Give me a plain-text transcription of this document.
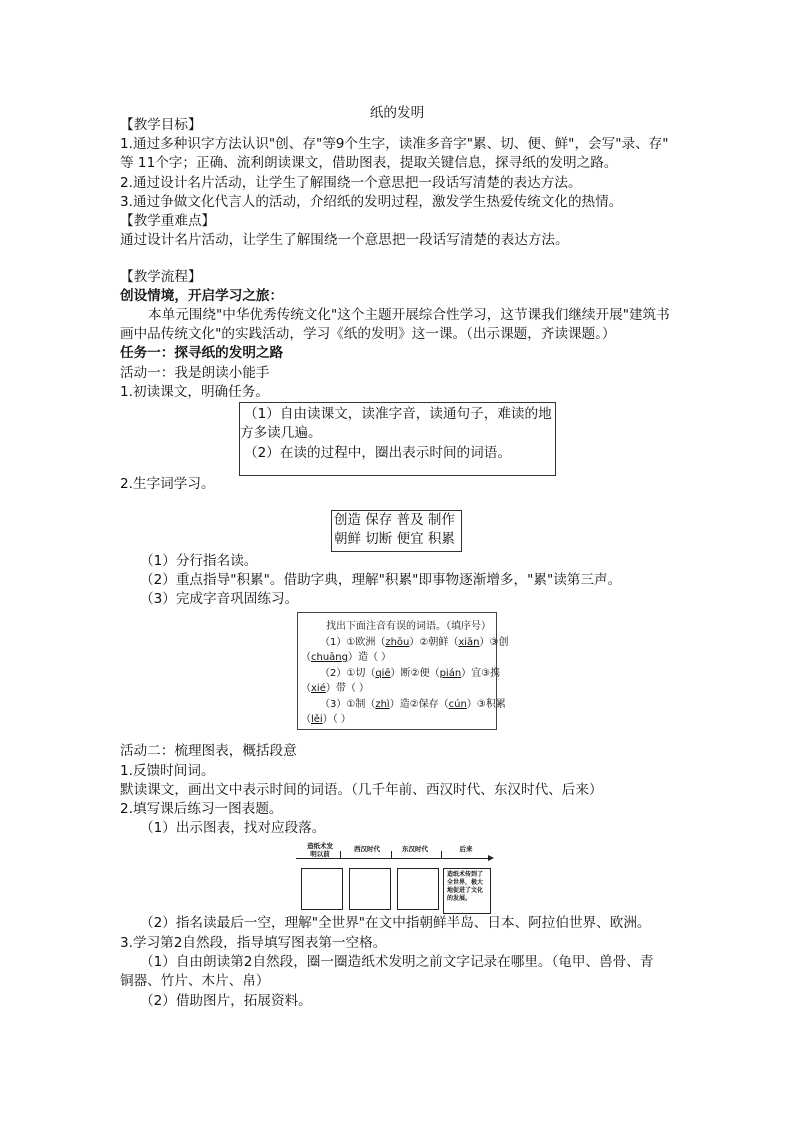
纸的发明
【教学目标】
1.通过多种识字方法认识"创、存"等9个生字，读准多音字"累、切、便、鲜"，会写"录、存"
等 11个字；正确、流利朗读课文，借助图表，提取关键信息，探寻纸的发明之路。
2.通过设计名片活动，让学生了解围绕一个意思把一段话写清楚的表达方法。
3.通过争做文化代言人的活动，介绍纸的发明过程，激发学生热爱传统文化的热情。
【教学重难点】
通过设计名片活动，让学生了解围绕一个意思把一段话写清楚的表达方法。
【教学流程】
创设情境，开启学习之旅：
本单元围绕"中华优秀传统文化"这个主题开展综合性学习，这节课我们继续开展"建筑书
画中品传统文化"的实践活动，学习《纸的发明》这一课。（出示课题，齐读课题。）
任务一：探寻纸的发明之路
活动一：我是朗读小能手
1.初读课文，明确任务。
（1）自由读课文，读准字音，读通句子，难读的地
方多读几遍。
（2）在读的过程中，圈出表示时间的词语。
2.生字词学习。
创造 保存 普及 制作
朝鲜 切断 便宜 积累
（1）分行指名读。
（2）重点指导"积累"。借助字典，理解"积累"即事物逐渐增多，"累"读第三声。
（3）完成字音巩固练习。
找出下面注音有误的词语。（填序号）
（1）①欧洲（zhōu）②朝鲜（xiān）③创
（chuāng）造（ ）
（2）①切（qiē）断②便（pián）宜③携
（xié）带（ ）
（3）①制（zhì）造②保存（cún）③积累
（lěi）（ ）
活动二：梳理图表，概括段意
1.反馈时间词。
默读课文，画出文中表示时间的词语。（几千年前、西汉时代、东汉时代、后来）
2.填写课后练习一图表题。
（1）出示图表，找对应段落。
造纸术发
明以前
西汉时代	东汉时代	后来
造纸术传到了全世界，极大地促进了文化的发展。
（2）指名读最后一空，理解"全世界"在文中指朝鲜半岛、日本、阿拉伯世界、欧洲。
3.学习第2自然段，指导填写图表第一空格。
（1）自由朗读第2自然段，圈一圈造纸术发明之前文字记录在哪里。（龟甲、兽骨、青
铜器、竹片、木片、帛）
（2）借助图片，拓展资料。
